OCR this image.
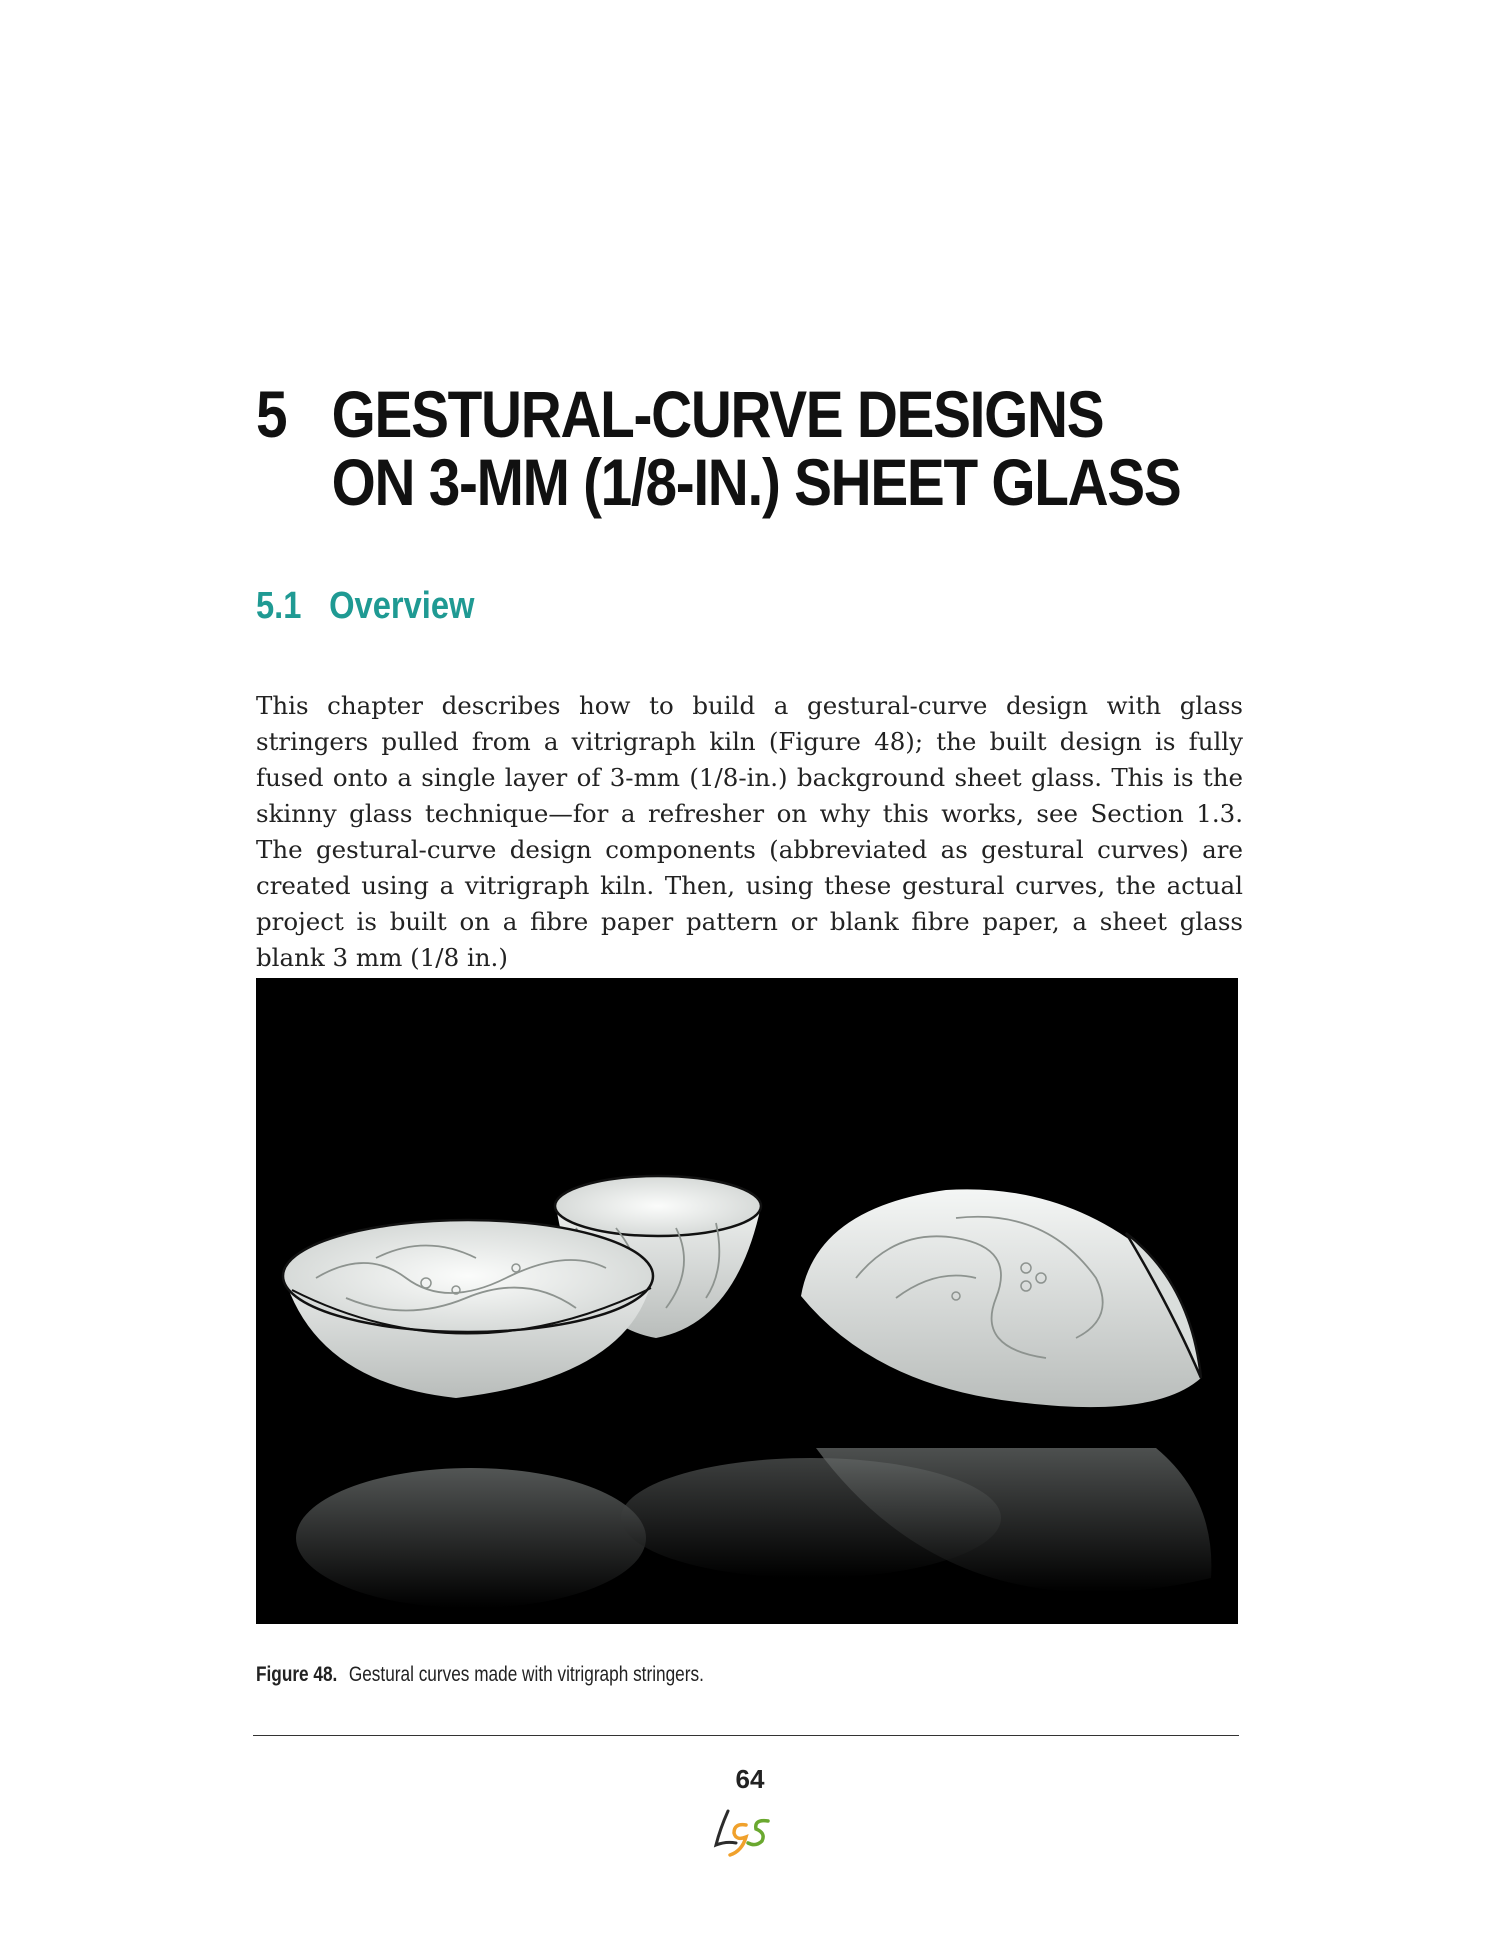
5 GESTURAL-CURVE DESIGNS ON 3-MM (1/8-IN.) SHEET GLASS
5.1 Overview

This chapter describes how to build a gestural-curve design with glass stringers pulled from a vitrigraph kiln (Figure 48); the built design is fully fused onto a single layer of 3-mm (1/8-in.) background sheet glass. This is the skinny glass technique—for a refresher on why this works, see Section 1.3. The gestural-curve design components (abbreviated as gestural curves) are created using a vitrigraph kiln. Then, using these gestural curves, the actual project is built on a fibre paper pattern or blank fibre paper, a sheet glass blank 3 mm (1/8 in.)

Figure 48. Gestural curves made with vitrigraph stringers.

64
